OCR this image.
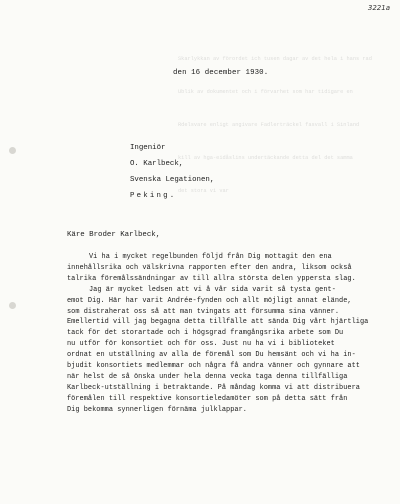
3221a

Skarlykkan av förordet ich tusen dagar av det hela i hans rad

Ublik av dokumentet och i förvarhet som har tidigare en

Rdelsvare enligt angivare Fadlerträckel fasvall i Sinland

kill av hga-eidåslins undertäckande detta del det samma

det stora vi var

den 16 december 1930.
Ingeniör
O. Karlbeck,
Svenska Legationen,
Peking.
Käre Broder Karlbeck,
Vi ha i mycket regelbunden följd från Dig mottagit den ena
innehållsrika och välskrivna rapporten efter den andra, liksom också
talrika föremålssändningar av till allra största delen yppersta slag.
Jag är mycket ledsen att vi å vår sida varit så tysta gent-
emot Dig. Här har varit Andrée-fynden och allt möjligt annat elände,
som distraherat oss så att man tvingats att försumma sina vänner.
Emellertid vill jag begagna detta tillfälle att sända Dig vårt hjärtliga
tack för det storartade och i högsgrad framgångsrika arbete som Du
nu utför för konsortiet och för oss. Just nu ha vi i biblioteket
ordnat en utställning av alla de föremål som Du hemsänt och vi ha in-
bjudit konsortiets medlemmar och några få andra vänner och gynnare att
när helst de så önska under hela denna vecka taga denna tillfälliga
Karlbeck-utställning i betraktande. På måndag komma vi att distribuera
föremålen till respektive konsortieledamöter som på detta sätt från
Dig bekomma synnerligen förnäma julklappar.
